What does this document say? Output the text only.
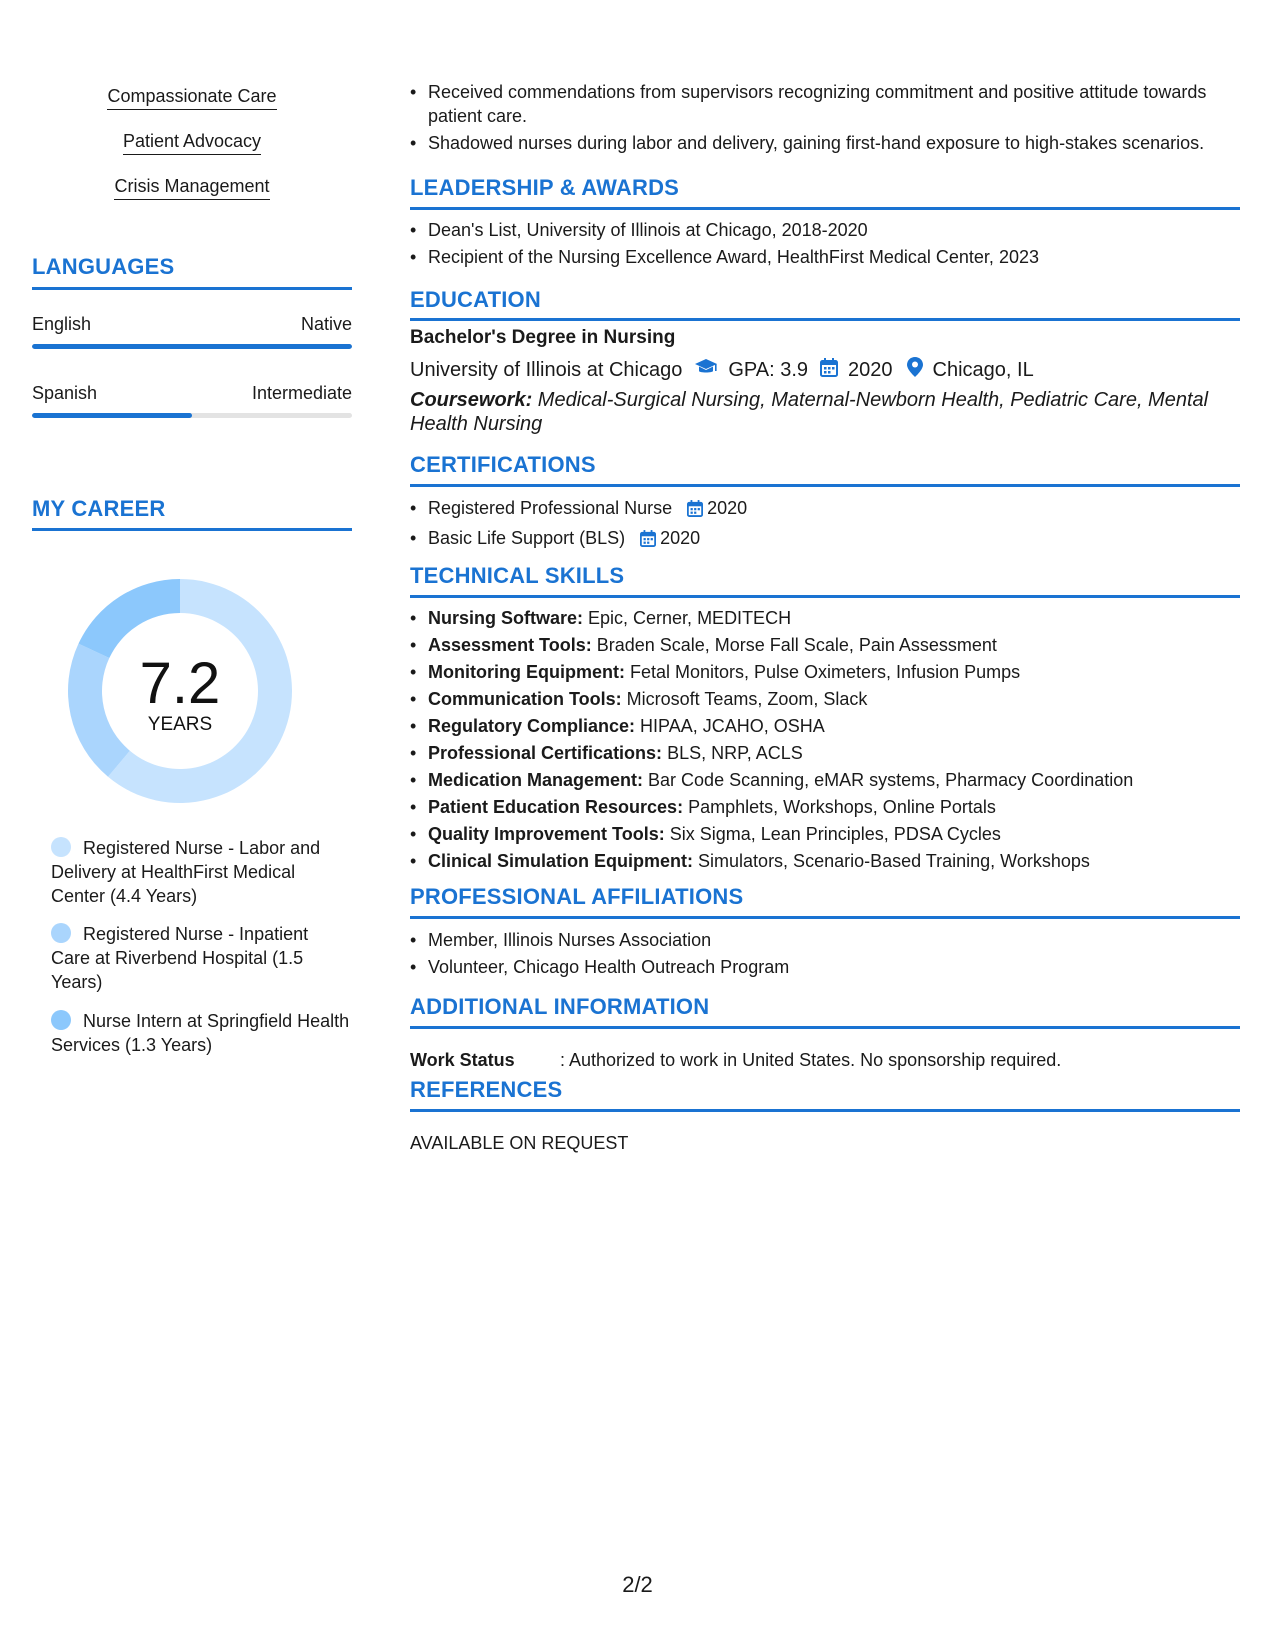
Compassionate Care
Patient Advocacy
Crisis Management
LANGUAGES
English	Native
Spanish	Intermediate
MY CAREER
7.2
YEARS
Registered Nurse - Labor and Delivery at HealthFirst Medical Center (4.4 Years)
Registered Nurse - Inpatient Care at Riverbend Hospital (1.5 Years)
Nurse Intern at Springfield Health Services (1.3 Years)
• Received commendations from supervisors recognizing commitment and positive attitude towards patient care.
• Shadowed nurses during labor and delivery, gaining first-hand exposure to high-stakes scenarios.
LEADERSHIP & AWARDS
• Dean's List, University of Illinois at Chicago, 2018-2020
• Recipient of the Nursing Excellence Award, HealthFirst Medical Center, 2023
EDUCATION
Bachelor's Degree in Nursing
University of Illinois at Chicago GPA: 3.9 2020 Chicago, IL
Coursework: Medical-Surgical Nursing, Maternal-Newborn Health, Pediatric Care, Mental Health Nursing
CERTIFICATIONS
• Registered Professional Nurse 2020
• Basic Life Support (BLS) 2020
TECHNICAL SKILLS
• Nursing Software: Epic, Cerner, MEDITECH
• Assessment Tools: Braden Scale, Morse Fall Scale, Pain Assessment
• Monitoring Equipment: Fetal Monitors, Pulse Oximeters, Infusion Pumps
• Communication Tools: Microsoft Teams, Zoom, Slack
• Regulatory Compliance: HIPAA, JCAHO, OSHA
• Professional Certifications: BLS, NRP, ACLS
• Medication Management: Bar Code Scanning, eMAR systems, Pharmacy Coordination
• Patient Education Resources: Pamphlets, Workshops, Online Portals
• Quality Improvement Tools: Six Sigma, Lean Principles, PDSA Cycles
• Clinical Simulation Equipment: Simulators, Scenario-Based Training, Workshops
PROFESSIONAL AFFILIATIONS
• Member, Illinois Nurses Association
• Volunteer, Chicago Health Outreach Program
ADDITIONAL INFORMATION
Work Status	: Authorized to work in United States. No sponsorship required.
REFERENCES
AVAILABLE ON REQUEST
2/2
